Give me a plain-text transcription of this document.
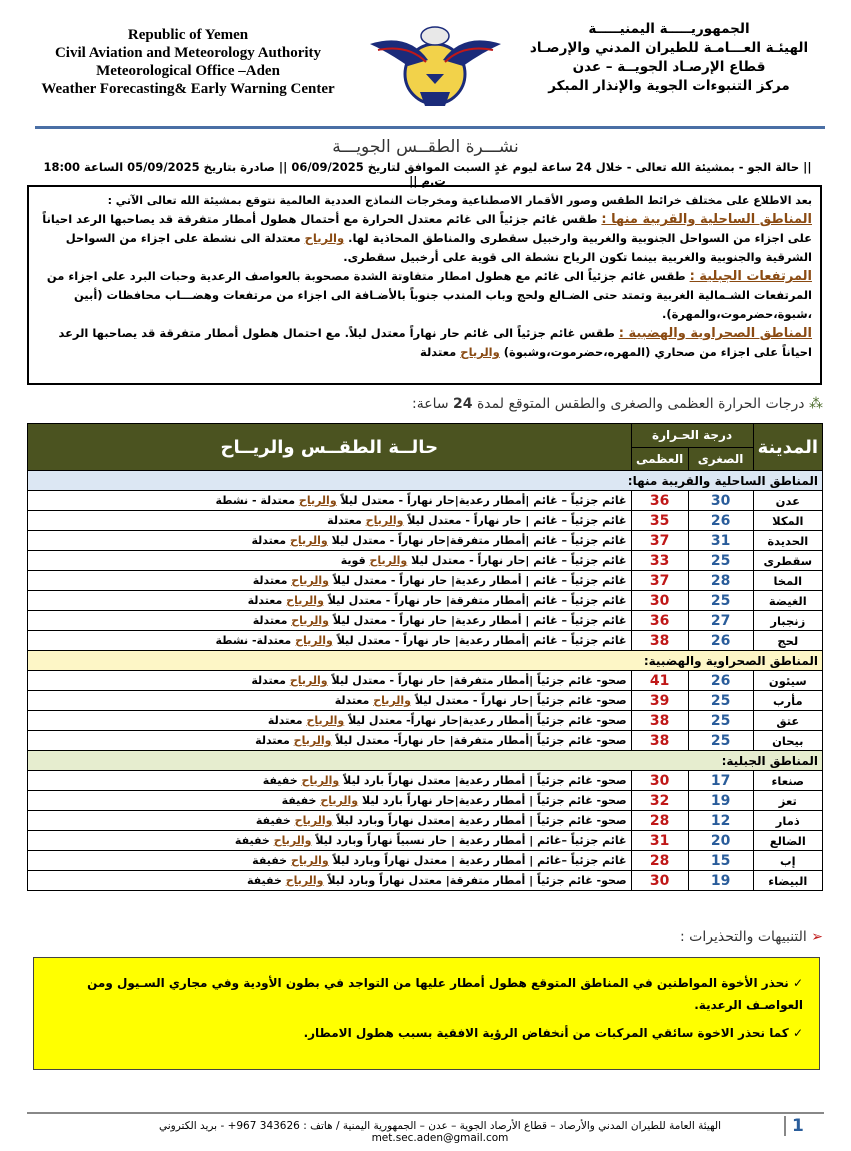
Republic of Yemen
Civil Aviation and Meteorology Authority
Meteorological Office –Aden
Weather Forecasting& Early Warning Center
الجمهوريـــــة اليمنيـــــة
الهيئـة العـــامـة للطيران المدني والإرصـاد
قطاع الإرصـاد الجويــة – عدن
مركز التنبوءات الجوية والإنذار المبكر
نشـــرة الطقــس الجويـــة
|| حالة الجو - بمشيئة الله تعالى - خلال 24 ساعة ليوم غدٍ السبت الموافق لتاريخ 06/09/2025 || صادرة بتاريخ 05/09/2025 الساعة 18:00 ت.م ||
بعد الاطلاع على مختلف خرائط الطقس وصور الأقمار الاصطناعية ومخرجات النماذج العددية العالمية نتوقع بمشيئة الله تعالى الآتي :
المناطق الساحلية والقريبة منها : طقس غائم جزئياً الى غائم معتدل الحرارة مع أحتمال هطول أمطار متفرقة قد يصاحبها الرعد احياناً على اجزاء من السواحل الجنوبية والغربية وارخبيل سقطرى والمناطق المحاذية لها. والرياح معتدلة الى نشطة على اجزاء من السواحل الشرقية والجنوبية والغربية بينما تكون الرياح نشطة الى قوية على أرخبيل سقطرى.
المرتفعات الجبلية : طقس غائم جزئياً الى غائم مع هطول امطار متفاوتة الشدة مصحوبة بالعواصف الرعدية وحبات البرد على اجزاء من المرتفعات الشـمالية الغربية وتمتد حتى الضـالع ولحج وباب المندب جنوباً بالأضـافة الى اجزاء من مرتفعات وهضـــاب محافظات (أبين ،شبوة،حضرموت،والمهرة).
المناطق الصحراوية والهضبية : طقس غائم جزئياً الى غائم حار نهاراً معتدل ليلاً. مع احتمال هطول أمطار متفرقة قد يصاحبها الرعد احياناً على اجزاء من صحاري (المهره،حضرموت،وشبوة) والرياح معتدلة
⁂ درجات الحرارة العظمى والصغرى والطقس المتوقع لمدة 24 ساعة:
المدينة	درجة الحـرارة		حالــة الطقــس والريــاح
	الصغرى	العظمى	
المناطق الساحلية والقريبة منها:			
عدن	30	36	غائم جزئياً – غائم |أمطار رعدية|حار نهاراً - معتدل ليلاً والرياح معتدلة - نشطة
المكلا	26	35	غائم جزئياً – غائم | حار نهاراً - معتدل ليلاً والرياح معتدلة
الحديدة	31	37	غائم جزئياً – غائم |أمطار متفرقة|حار نهاراً - معتدل ليلا والرياح معتدلة
سقطرى	25	33	غائم جزئياً – غائم |حار نهاراً - معتدل ليلا والرياح قوية
المخا	28	37	غائم جزئياً – غائم | أمطار رعدية| حار نهاراً - معتدل ليلاً والرياح معتدلة
الغيضة	25	30	غائم جزئياً – غائم |أمطار متفرقة| حار نهاراً - معتدل ليلاً والرياح معتدلة
زنجبار	27	36	غائم جزئياً – غائم | أمطار رعدية| حار نهاراً - معتدل ليلاً والرياح معتدلة
لحج	26	38	غائم جزئياً – غائم |أمطار رعدية| حار نهاراً - معتدل ليلاً والرياح معتدلة- نشطة
المناطق الصحراوية والهضبية:			
سيئون	26	41	صحو- غائم جزئياً |أمطار متفرقة| حار نهاراً - معتدل ليلاً والرياح معتدلة
مأرب	25	39	صحو- غائم جزئياً |حار نهاراً - معتدل ليلاً والرياح معتدلة
عتق	25	38	صحو- غائم جزئياً |أمطار رعدية|حار نهاراً- معتدل ليلاً والرياح معتدلة
بيحان	25	38	صحو- غائم جزئياً |أمطار متفرقة| حار نهاراً- معتدل ليلاً والرياح معتدلة
المناطق الجبلية:			
صنعاء	17	30	صحو- غائم جزئياً | أمطار رعدية| معتدل نهاراً بارد ليلاً والرياح خفيفة
تعز	19	32	صحو- غائم جزئياً | أمطار رعدية|حار نهاراً بارد ليلا والرياح خفيفة
ذمار	12	28	صحو- غائم جزئياً | أمطار رعدية |معتدل نهاراً وبارد ليلاً والرياح خفيفة
الضالع	20	31	غائم جزئياً –غائم | أمطار رعدية | حار نسبياً نهاراً وبارد ليلاً والرياح خفيفة
إب	15	28	غائم جزئياً –غائم | أمطار رعدية | معتدل نهاراً وبارد ليلاً والرياح خفيفة
البيضاء	19	30	صحو- غائم جزئياً | أمطار متفرقة| معتدل نهاراً وبارد ليلاً والرياح خفيفة
➢ التنبيهات والتحذيرات :
✓ نحذر الأخوة المواطنين في المناطق المتوقع هطول أمطار عليها من التواجد في بطون الأودية وفي مجاري السـيول ومن العواصـف الرعدية.
✓ كما نحذر الاخوة سائقي المركبات من أنخفاض الرؤية الافقية بسبب هطول الامطار.
الهيئة العامة للطيران المدني والأرصاد – قطاع الأرصاد الجوية – عدن – الجمهورية اليمنية / هاتف : 343626 967+ - بريد الكتروني met.sec.aden@gmail.com
1
